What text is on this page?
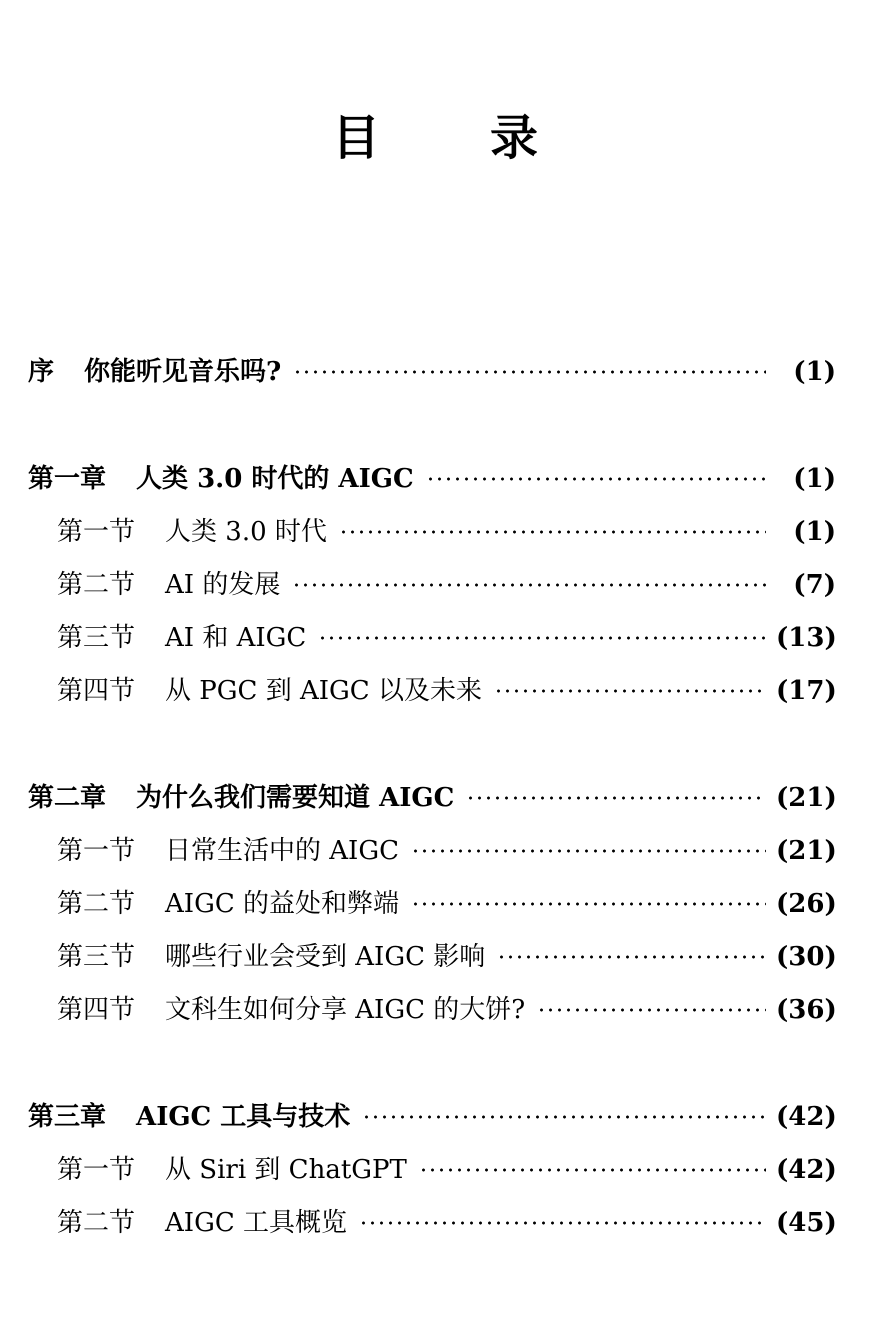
目 录
序 你能听见音乐吗?	(1)
第一章 人类 3.0 时代的 AIGC	(1)
第一节 人类 3.0 时代	(1)
第二节 AI 的发展	(7)
第三节 AI 和 AIGC	(13)
第四节 从 PGC 到 AIGC 以及未来	(17)
第二章 为什么我们需要知道 AIGC	(21)
第一节 日常生活中的 AIGC	(21)
第二节 AIGC 的益处和弊端	(26)
第三节 哪些行业会受到 AIGC 影响	(30)
第四节 文科生如何分享 AIGC 的大饼?	(36)
第三章 AIGC 工具与技术	(42)
第一节 从 Siri 到 ChatGPT	(42)
第二节 AIGC 工具概览	(45)
